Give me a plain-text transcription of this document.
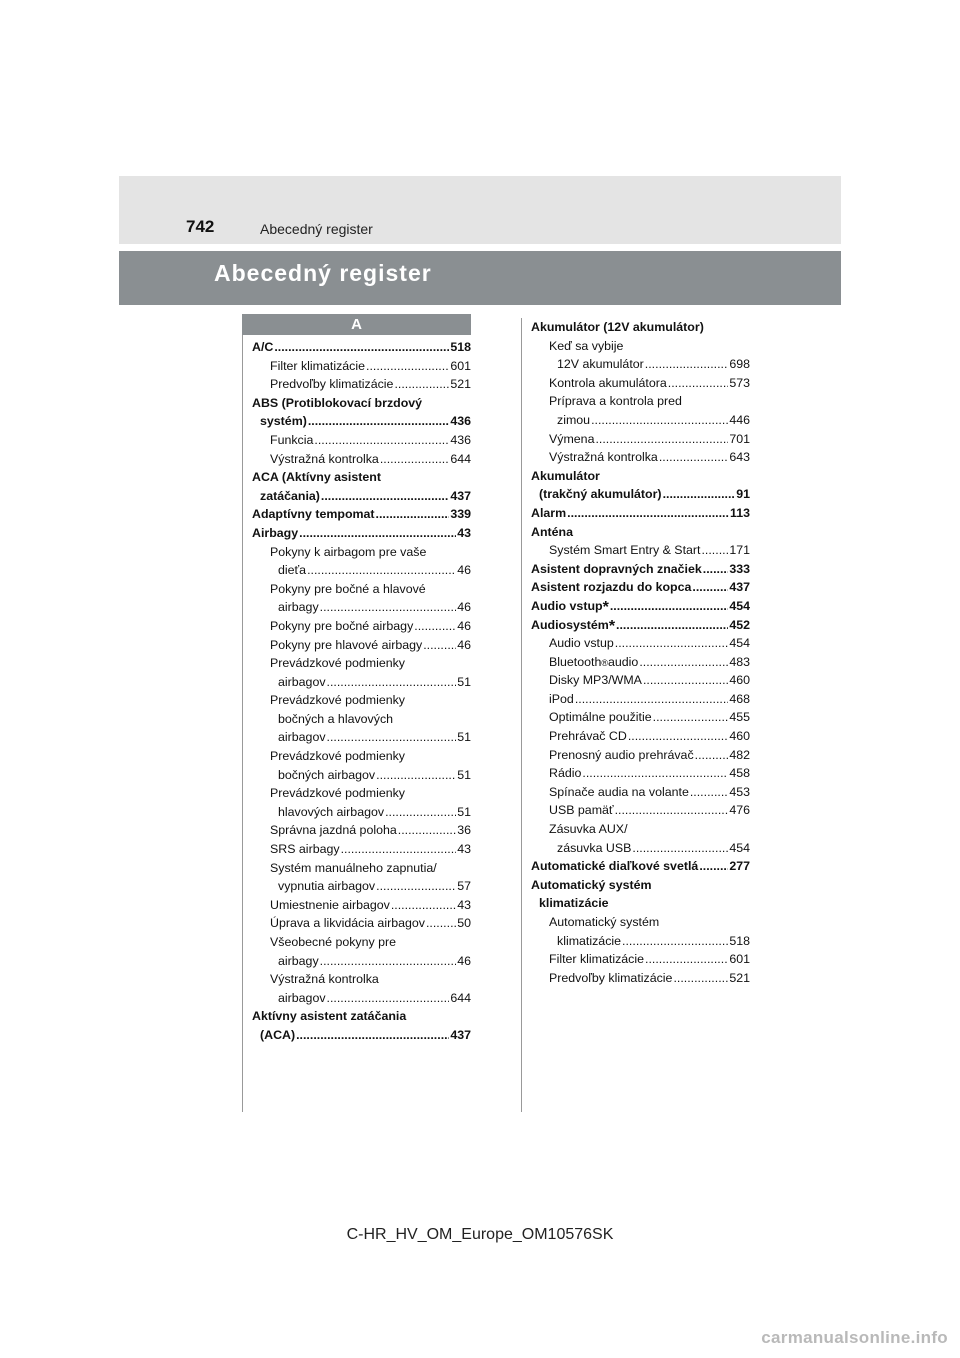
742	Abecedný register
Abecedný register
A
A/C .....	518
Filter klimatizácie .....	601
Predvoľby klimatizácie .....	521
ABS (Protiblokovací brzdový
systém) .....	436
Funkcia .....	436
Výstražná kontrolka .....	644
ACA (Aktívny asistent
zatáčania) .....	437
Adaptívny tempomat .....	339
Airbagy .....	43
Pokyny k airbagom pre vaše
dieťa .....	46
Pokyny pre bočné a hlavové
airbagy .....	46
Pokyny pre bočné airbagy .....	46
Pokyny pre hlavové airbagy .....	46
Prevádzkové podmienky
airbagov .....	51
Prevádzkové podmienky
bočných a hlavových
airbagov .....	51
Prevádzkové podmienky
bočných airbagov .....	51
Prevádzkové podmienky
hlavových airbagov .....	51
Správna jazdná poloha .....	36
SRS airbagy .....	43
Systém manuálneho zapnutia/
vypnutia airbagov .....	57
Umiestnenie airbagov .....	43
Úprava a likvidácia airbagov .....	50
Všeobecné pokyny pre
airbagy .....	46
Výstražná kontrolka
airbagov .....	644
Aktívny asistent zatáčania
(ACA) .....	437
Akumulátor (12V akumulátor)
Keď sa vybije
12V akumulátor .....	698
Kontrola akumulátora .....	573
Príprava a kontrola pred
zimou .....	446
Výmena .....	701
Výstražná kontrolka .....	643
Akumulátor
(trakčný akumulátor) .....	91
Alarm .....	113
Anténa
Systém Smart Entry & Start ..... 171
Asistent dopravných značiek ..... 333
Asistent rozjazdu do kopca .....	437
Audio vstup * .....	454
Audiosystém * .....	452
Audio vstup .....	454
Bluetooth ® audio .....	483
Disky MP3/WMA .....	460
iPod .....	468
Optimálne použitie .....	455
Prehrávač CD .....	460
Prenosný audio prehrávač .....	482
Rádio .....	458
Spínače audia na volante .....	453
USB pamäť .....	476
Zásuvka AUX/
zásuvka USB .....	454
Automatické diaľkové svetlá .....	277
Automatický systém
klimatizácie
Automatický systém
klimatizácie .....	518
Filter klimatizácie .....	601
Predvoľby klimatizácie .....	521
C-HR_HV_OM_Europe_OM10576SK
carmanualsonline.info
